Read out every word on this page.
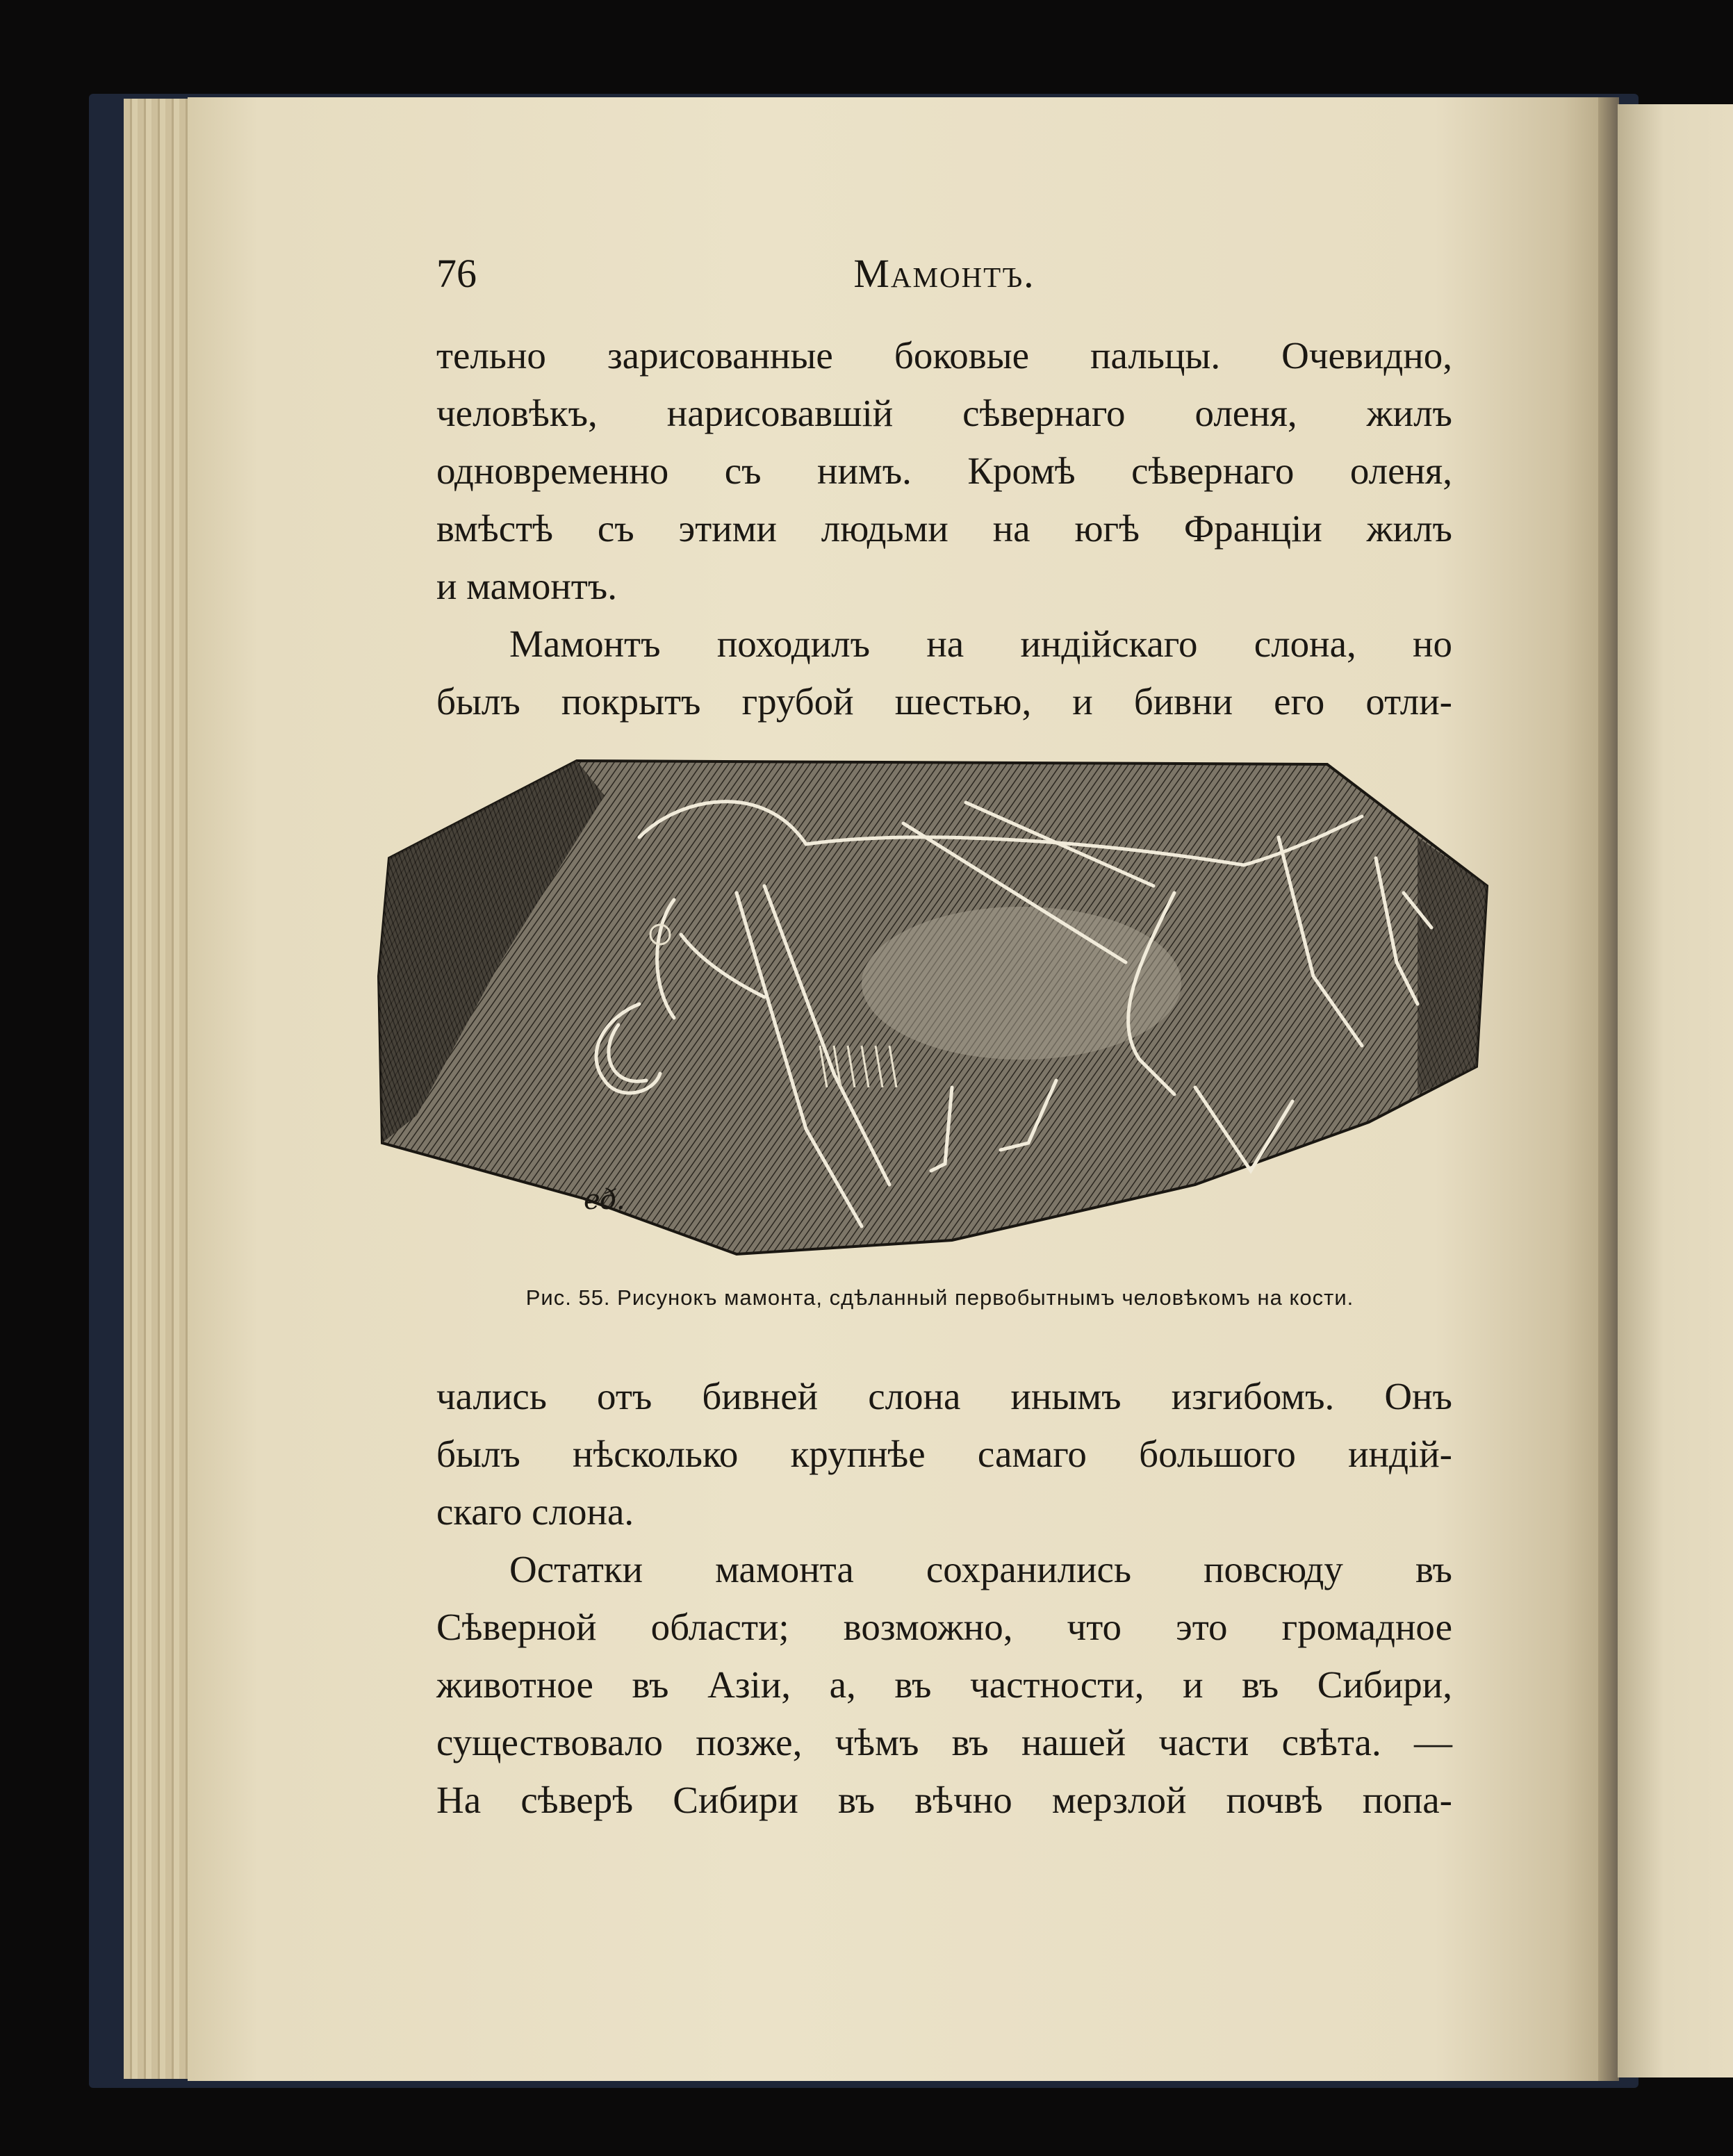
76	Мамонтъ.

тельно зарисованные боковые пальцы. Очевидно,
человѣкъ, нарисовавшій сѣвернаго оленя, жилъ
одновременно съ нимъ. Кромѣ сѣвернаго оленя,
вмѣстѣ съ этими людьми на югѣ Франціи жилъ
и мамонтъ.

Мамонтъ походилъ на индійскаго слона, но
былъ покрытъ грубой шестью, и бивни его отли-

eð.
Рис. 55. Рисунокъ мамонта, сдѣланный первобытнымъ человѣкомъ на кости.

чались отъ бивней слона инымъ изгибомъ. Онъ
былъ нѣсколько крупнѣе самаго большого индій-
скаго слона.

Остатки мамонта сохранились повсюду въ
Сѣверной области; возможно, что это громадное
животное въ Азіи, а, въ частности, и въ Сибири,
существовало позже, чѣмъ въ нашей части свѣта. —
На сѣверѣ Сибири въ вѣчно мерзлой почвѣ попа-
